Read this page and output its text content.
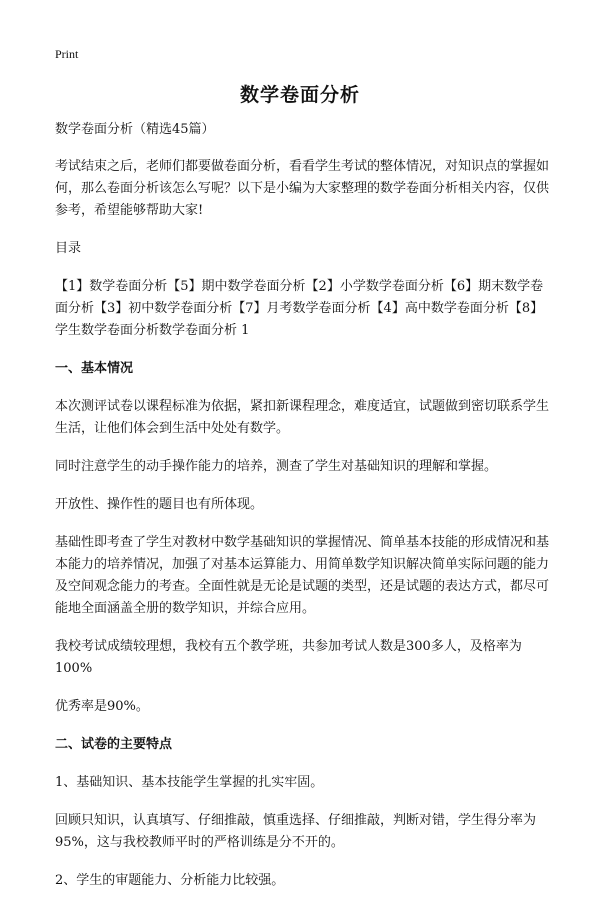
Print
数学卷面分析

数学卷面分析（精选45篇）

考试结束之后，老师们都要做卷面分析，看看学生考试的整体情况，对知识点的掌握如何，那么卷面分析该怎么写呢？以下是小编为大家整理的数学卷面分析相关内容，仅供参考，希望能够帮助大家!

目录

【1】数学卷面分析【5】期中数学卷面分析【2】小学数学卷面分析【6】期末数学卷面分析【3】初中数学卷面分析【7】月考数学卷面分析【4】高中数学卷面分析【8】学生数学卷面分析数学卷面分析 1

一、基本情况

本次测评试卷以课程标准为依据，紧扣新课程理念，难度适宜，试题做到密切联系学生生活，让他们体会到生活中处处有数学。

同时注意学生的动手操作能力的培养，测查了学生对基础知识的理解和掌握。

开放性、操作性的题目也有所体现。

基础性即考查了学生对教材中数学基础知识的掌握情况、简单基本技能的形成情况和基本能力的培养情况，加强了对基本运算能力、用简单数学知识解决简单实际问题的能力及空间观念能力的考查。全面性就是无论是试题的类型，还是试题的表达方式，都尽可能地全面涵盖全册的数学知识，并综合应用。

我校考试成绩较理想，我校有五个教学班，共参加考试人数是300多人，及格率为100%

优秀率是90%。

二、试卷的主要特点

1、基础知识、基本技能学生掌握的扎实牢固。

回顾只知识，认真填写、仔细推敲，慎重选择、仔细推敲，判断对错，学生得分率为95%，这与我校教师平时的严格训练是分不开的。

2、学生的审题能力、分析能力比较强。
